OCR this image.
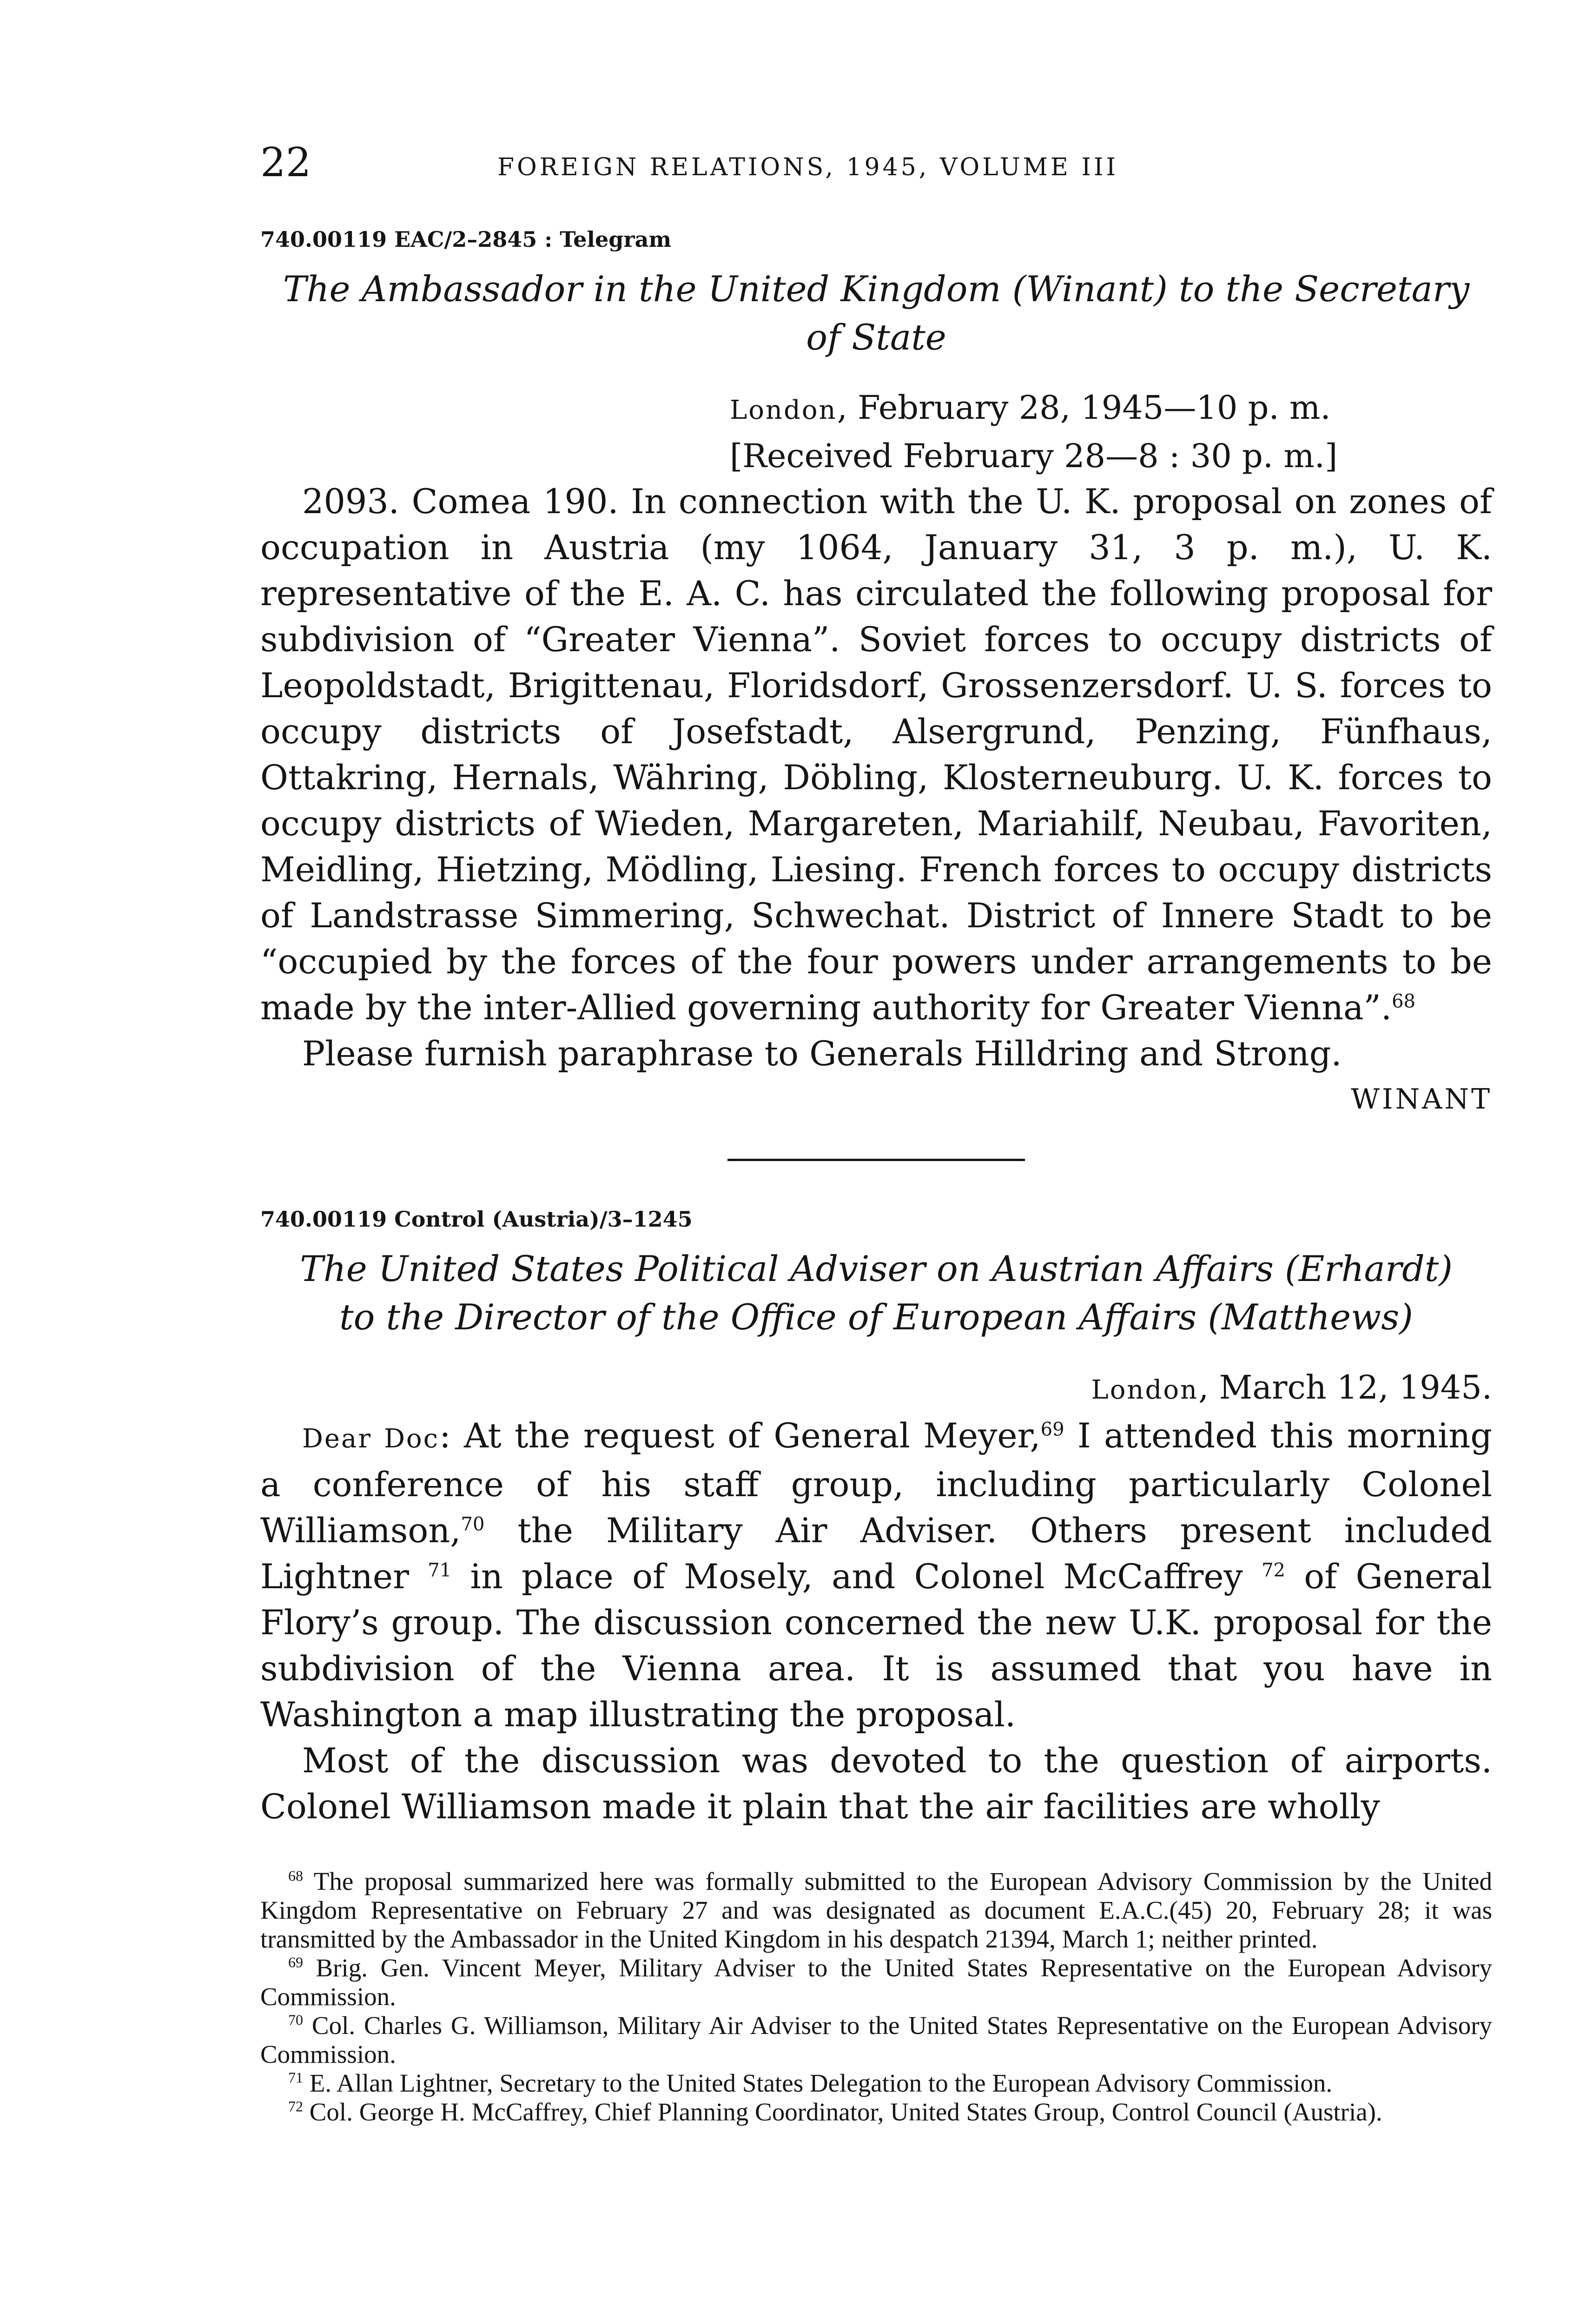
22	FOREIGN RELATIONS, 1945, VOLUME III
740.00119 EAC/2–2845 : Telegram
The Ambassador in the United Kingdom (Winant) to the Secretary
of State
London, February 28, 1945—10 p. m.
[Received February 28—8 : 30 p. m.]

2093. Comea 190. In connection with the U. K. proposal on zones of occupation in Austria (my 1064, January 31, 3 p. m.), U. K. representative of the E. A. C. has circulated the following proposal for subdivision of “Greater Vienna”. Soviet forces to occupy districts of Leopoldstadt, Brigittenau, Floridsdorf, Grossenzersdorf. U. S. forces to occupy districts of Josefstadt, Alsergrund, Penzing, Fünfhaus, Ottakring, Hernals, Währing, Döbling, Klosterneuburg. U. K. forces to occupy districts of Wieden, Margareten, Mariahilf, Neubau, Favoriten, Meidling, Hietzing, Mödling, Liesing. French forces to occupy districts of Landstrasse Simmering, Schwechat. District of Innere Stadt to be “occupied by the forces of the four powers under arrangements to be made by the inter-Allied governing authority for Greater Vienna”.$^{68}$

Please furnish paraphrase to Generals Hilldring and Strong.

WINANT
740.00119 Control (Austria)/3–1245
The United States Political Adviser on Austrian Affairs (Erhardt)
to the Director of the Office of European Affairs (Matthews)
London, March 12, 1945.

Dear Doc: At the request of General Meyer,$^{69}$ I attended this morning a conference of his staff group, including particularly Colonel Williamson,$^{70}$ the Military Air Adviser. Others present included Lightner $^{71}$ in place of Mosely, and Colonel McCaffrey $^{72}$ of General Flory’s group. The discussion concerned the new U.K. proposal for the subdivision of the Vienna area. It is assumed that you have in Washington a map illustrating the proposal.

Most of the discussion was devoted to the question of airports. Colonel Williamson made it plain that the air facilities are wholly

$^{68}$ The proposal summarized here was formally submitted to the European Advisory Commission by the United Kingdom Representative on February 27 and was designated as document E.A.C.(45) 20, February 28; it was transmitted by the Ambassador in the United Kingdom in his despatch 21394, March 1; neither printed.

$^{69}$ Brig. Gen. Vincent Meyer, Military Adviser to the United States Representative on the European Advisory Commission.

$^{70}$ Col. Charles G. Williamson, Military Air Adviser to the United States Representative on the European Advisory Commission.

$^{71}$ E. Allan Lightner, Secretary to the United States Delegation to the European Advisory Commission.

$^{72}$ Col. George H. McCaffrey, Chief Planning Coordinator, United States Group, Control Council (Austria).
